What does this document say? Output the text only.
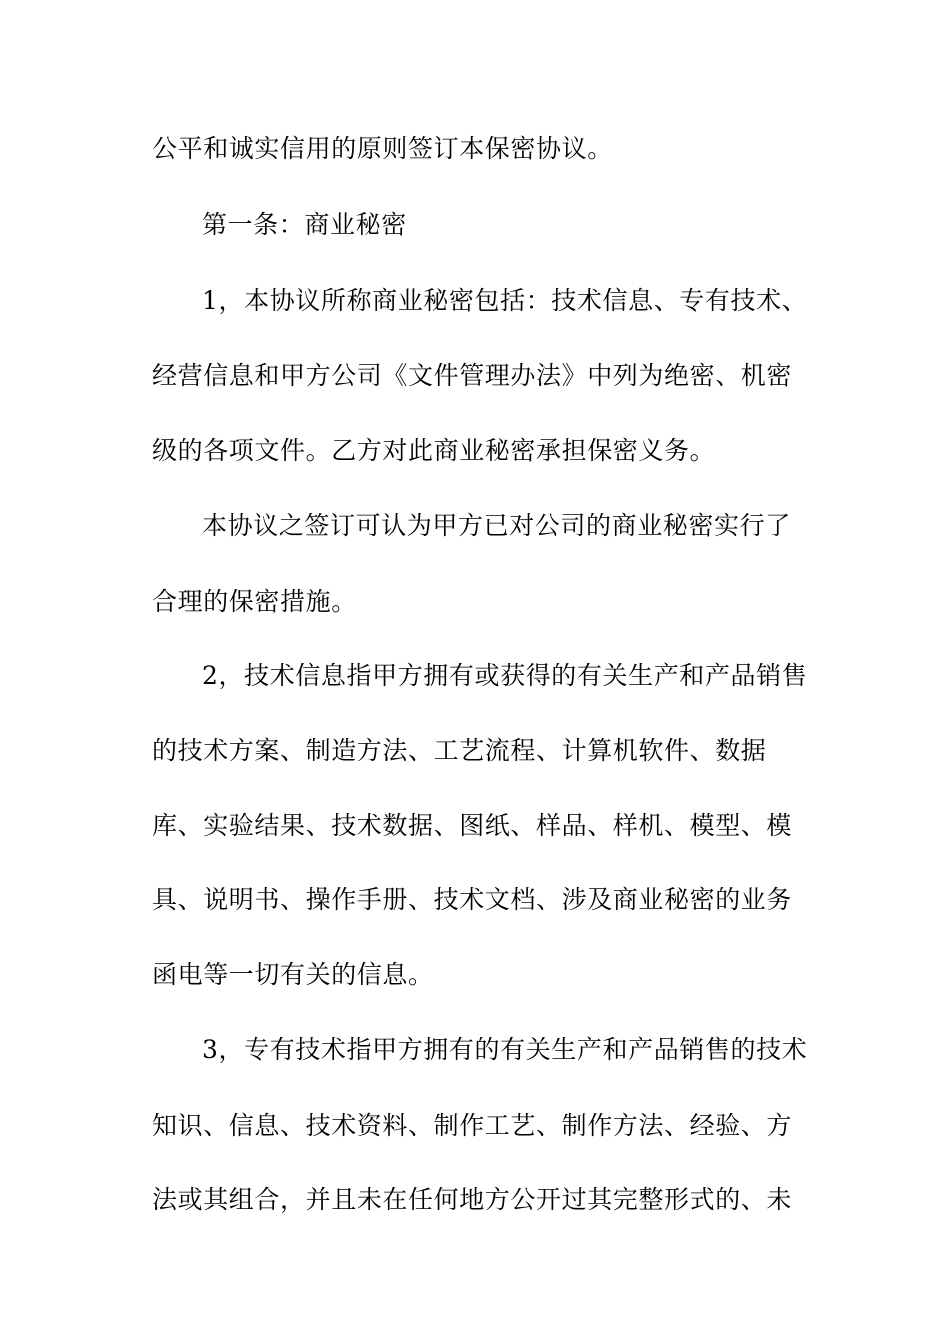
公平和诚实信用的原则签订本保密协议。
第一条：商业秘密
1，本协议所称商业秘密包括：技术信息、专有技术、
经营信息和甲方公司《文件管理办法》中列为绝密、机密
级的各项文件。乙方对此商业秘密承担保密义务。
本协议之签订可认为甲方已对公司的商业秘密实行了
合理的保密措施。
2，技术信息指甲方拥有或获得的有关生产和产品销售
的技术方案、制造方法、工艺流程、计算机软件、数据
库、实验结果、技术数据、图纸、样品、样机、模型、模
具、说明书、操作手册、技术文档、涉及商业秘密的业务
函电等一切有关的信息。
3，专有技术指甲方拥有的有关生产和产品销售的技术
知识、信息、技术资料、制作工艺、制作方法、经验、方
法或其组合，并且未在任何地方公开过其完整形式的、未
